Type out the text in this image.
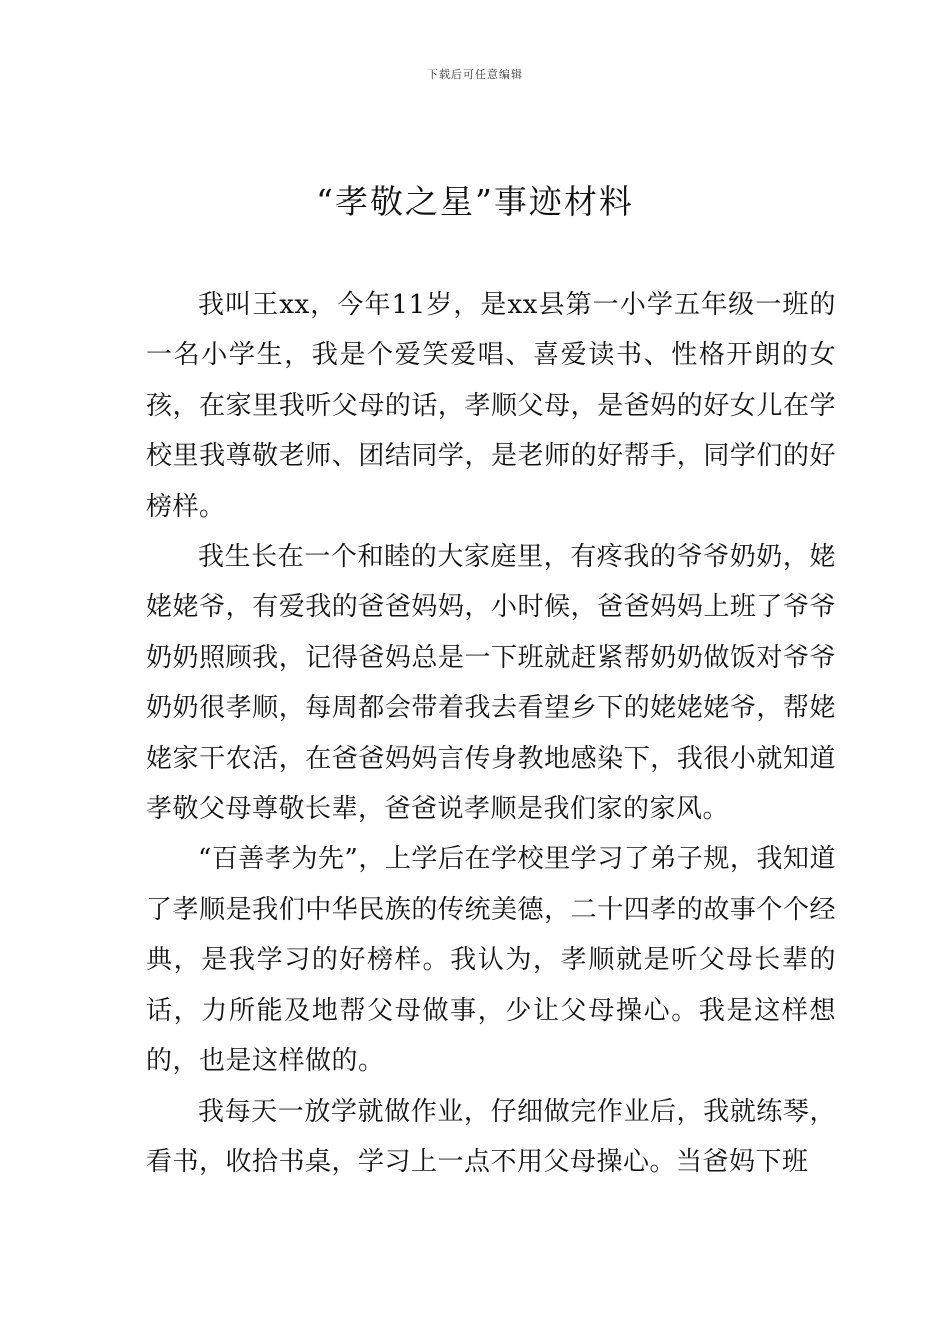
下载后可任意编辑
“孝敬之星”事迹材料

我叫王xx，今年11岁，是xx县第一小学五年级一班的一名小学生，我是个爱笑爱唱、喜爱读书、性格开朗的女孩，在家里我听父母的话，孝顺父母，是爸妈的好女儿在学校里我尊敬老师、团结同学，是老师的好帮手，同学们的好榜样。

我生长在一个和睦的大家庭里，有疼我的爷爷奶奶，姥姥姥爷，有爱我的爸爸妈妈，小时候，爸爸妈妈上班了爷爷奶奶照顾我，记得爸妈总是一下班就赶紧帮奶奶做饭对爷爷奶奶很孝顺，每周都会带着我去看望乡下的姥姥姥爷，帮姥姥家干农活，在爸爸妈妈言传身教地感染下，我很小就知道孝敬父母尊敬长辈，爸爸说孝顺是我们家的家风。

“百善孝为先”，上学后在学校里学习了弟子规，我知道了孝顺是我们中华民族的传统美德，二十四孝的故事个个经典，是我学习的好榜样。我认为，孝顺就是听父母长辈的话，力所能及地帮父母做事，少让父母操心。我是这样想的，也是这样做的。

我每天一放学就做作业，仔细做完作业后，我就练琴，看书，收拾书桌，学习上一点不用父母操心。当爸妈下班
